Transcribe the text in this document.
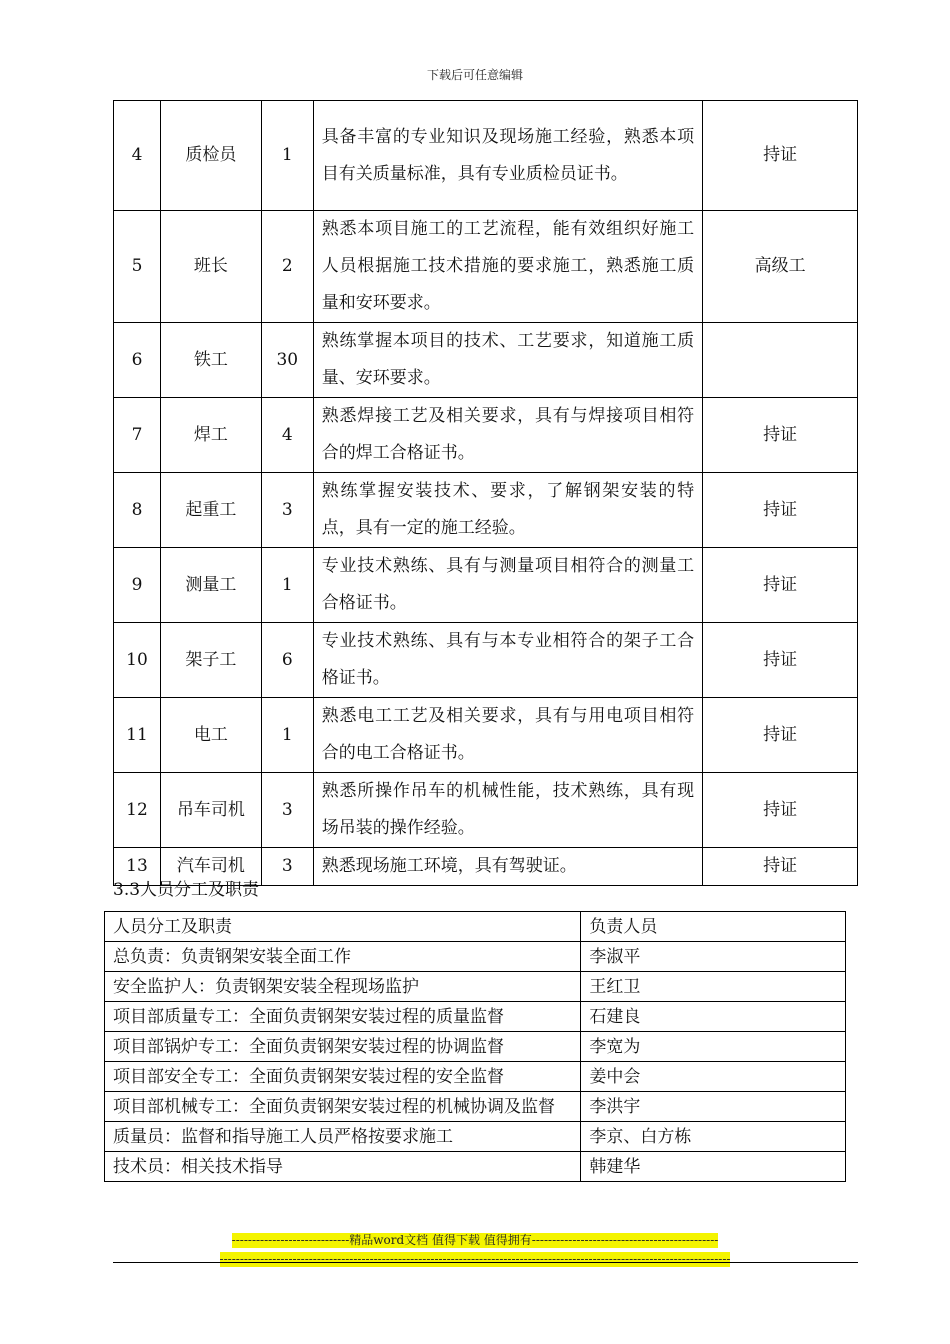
下载后可任意编辑
4	质检员	1	具备丰富的专业知识及现场施工经验，熟悉本项目有关质量标准，具有专业质检员证书。	持证
5	班长	2	熟悉本项目施工的工艺流程，能有效组织好施工人员根据施工技术措施的要求施工，熟悉施工质量和安环要求。	高级工
6	铁工	30	熟练掌握本项目的技术、工艺要求，知道施工质量、安环要求。	
7	焊工	4	熟悉焊接工艺及相关要求，具有与焊接项目相符合的焊工合格证书。	持证
8	起重工	3	熟练掌握安装技术、要求，了解钢架安装的特点，具有一定的施工经验。	持证
9	测量工	1	专业技术熟练、具有与测量项目相符合的测量工合格证书。	持证
10	架子工	6	专业技术熟练、具有与本专业相符合的架子工合格证书。	持证
11	电工	1	熟悉电工工艺及相关要求，具有与用电项目相符合的电工合格证书。	持证
12	吊车司机	3	熟悉所操作吊车的机械性能，技术熟练，具有现场吊装的操作经验。	持证
13	汽车司机	3	熟悉现场施工环境，具有驾驶证。	持证
3.3人员分工及职责
人员分工及职责	负责人员
总负责：负责钢架安装全面工作	李淑平
安全监护人：负责钢架安装全程现场监护	王红卫
项目部质量专工：全面负责钢架安装过程的质量监督	石建良
项目部锅炉专工：全面负责钢架安装过程的协调监督	李宽为
项目部安全专工：全面负责钢架安装过程的安全监督	姜中会
项目部机械专工：全面负责钢架安装过程的机械协调及监督	李洪宇
质量员：监督和指导施工人员严格按要求施工	李京、白方栋
技术员：相关技术指导	韩建华
-----------------------------精品word文档 值得下载 值得拥有----------------------------------------------
------------------------------------------------------------------------------------------------------------------------------
